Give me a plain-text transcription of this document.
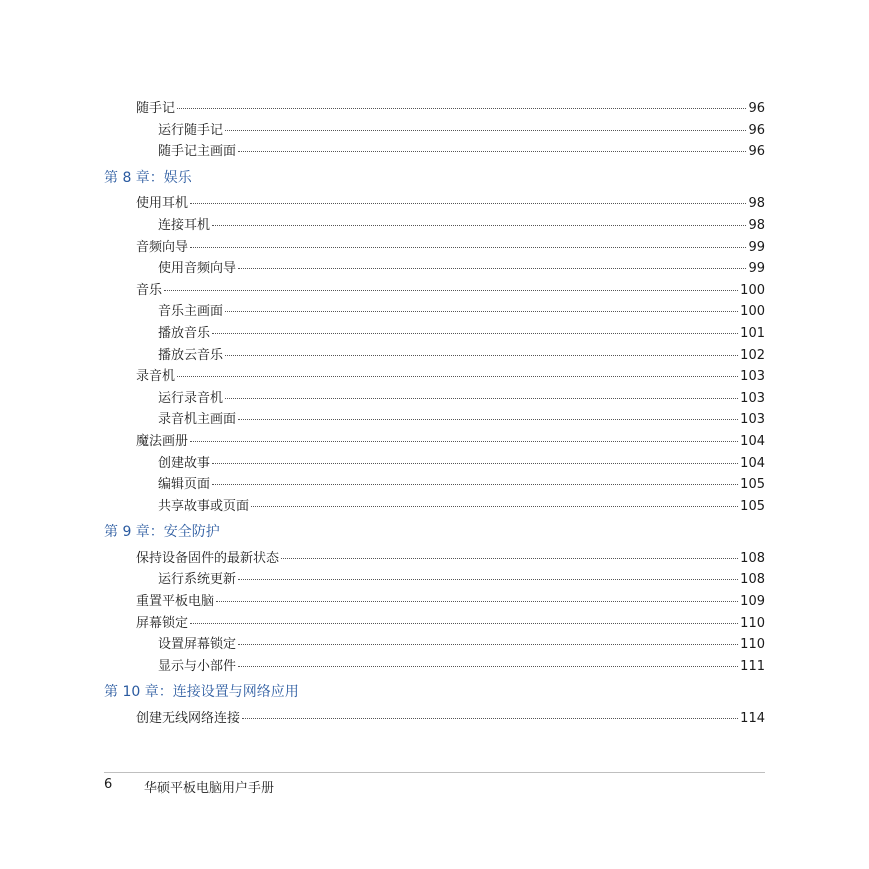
随手记	96
运行随手记	96
随手记主画面	96
第 8 章：娱乐
使用耳机	98
连接耳机	98
音频向导	99
使用音频向导	99
音乐	100
音乐主画面	100
播放音乐	101
播放云音乐	102
录音机	103
运行录音机	103
录音机主画面	103
魔法画册	104
创建故事	104
编辑页面	105
共享故事或页面	105
第 9 章：安全防护
保持设备固件的最新状态	108
运行系统更新	108
重置平板电脑	109
屏幕锁定	110
设置屏幕锁定	110
显示与小部件	111
第 10 章：连接设置与网络应用
创建无线网络连接	114
6 华硕平板电脑用户手册
